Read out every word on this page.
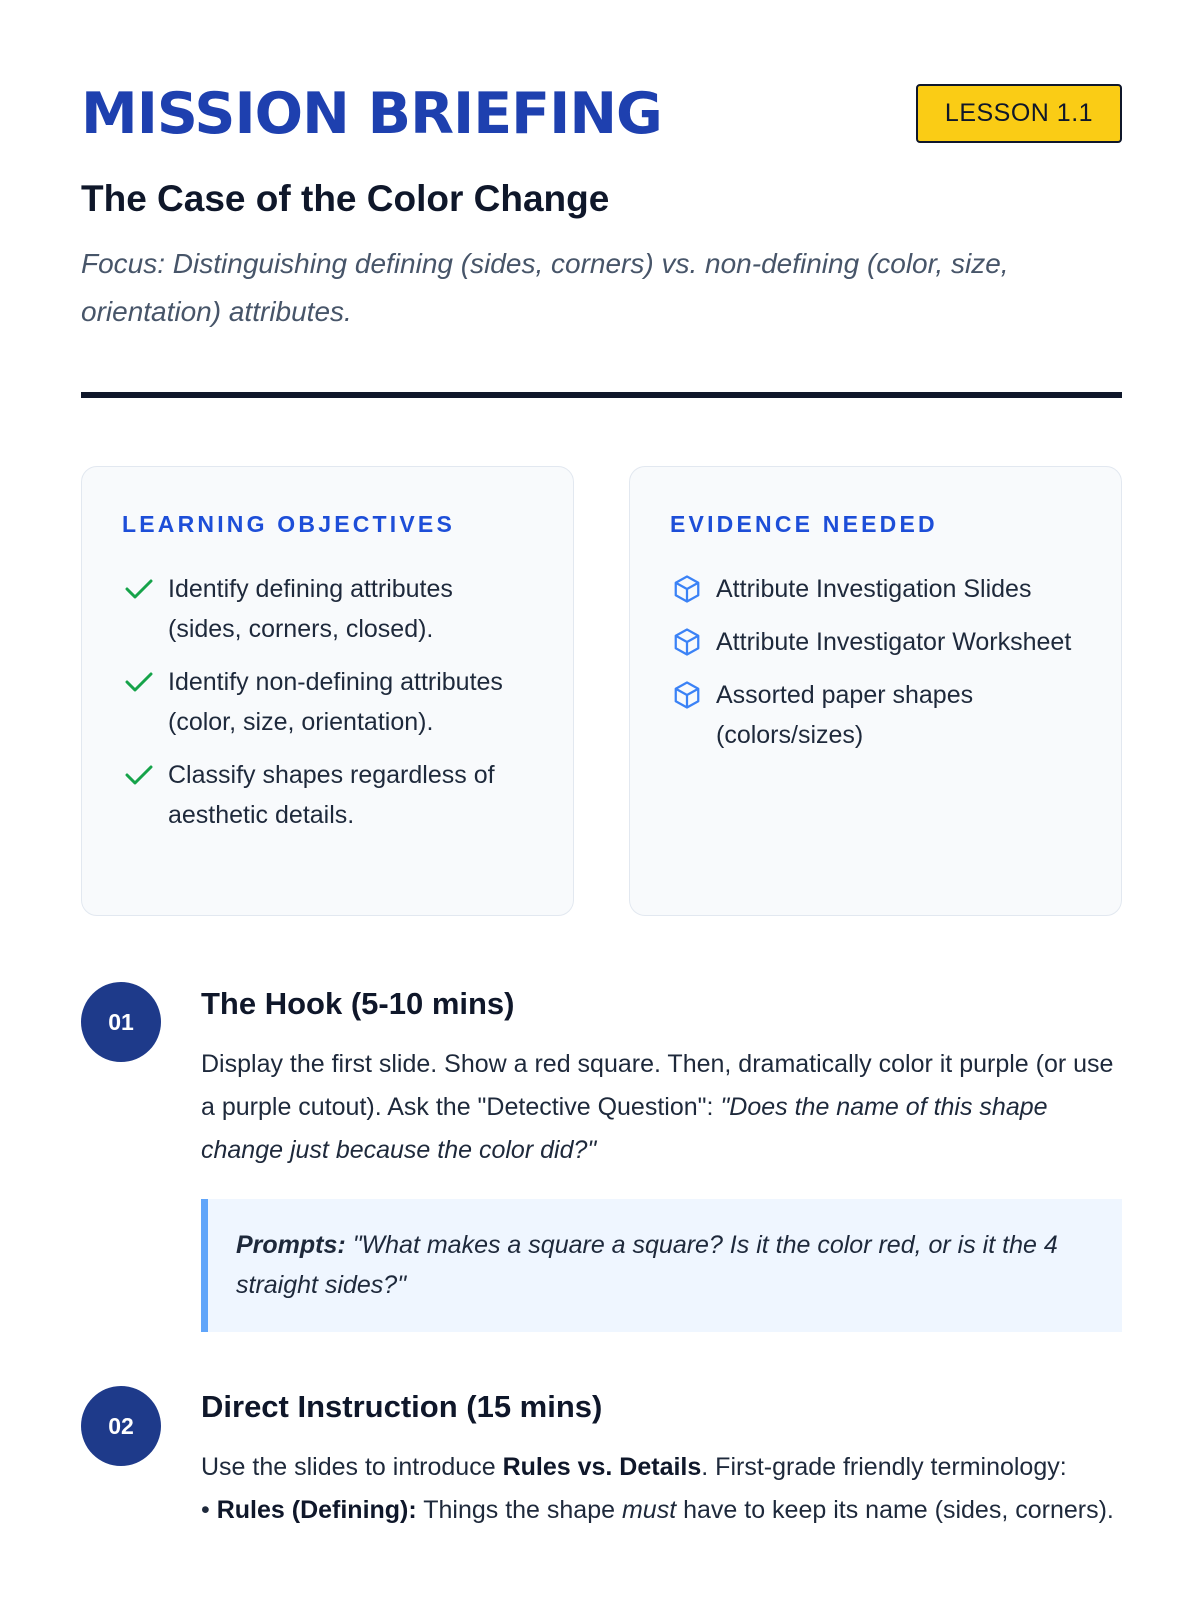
MISSION BRIEFING	LESSON 1.1
The Case of the Color Change
Focus: Distinguishing defining (sides, corners) vs. non-defining (color, size, orientation) attributes.
LEARNING OBJECTIVES
Identify defining attributes (sides, corners, closed).
Identify non-defining attributes (color, size, orientation).
Classify shapes regardless of aesthetic details.
EVIDENCE NEEDED
Attribute Investigation Slides
Attribute Investigator Worksheet
Assorted paper shapes (colors/sizes)
01
The Hook (5-10 mins)
Display the first slide. Show a red square. Then, dramatically color it purple (or use a purple cutout). Ask the "Detective Question": "Does the name of this shape change just because the color did?"
Prompts: "What makes a square a square? Is it the color red, or is it the 4 straight sides?"
02
Direct Instruction (15 mins)
Use the slides to introduce Rules vs. Details. First-grade friendly terminology:
• Rules (Defining): Things the shape must have to keep its name (sides, corners).
